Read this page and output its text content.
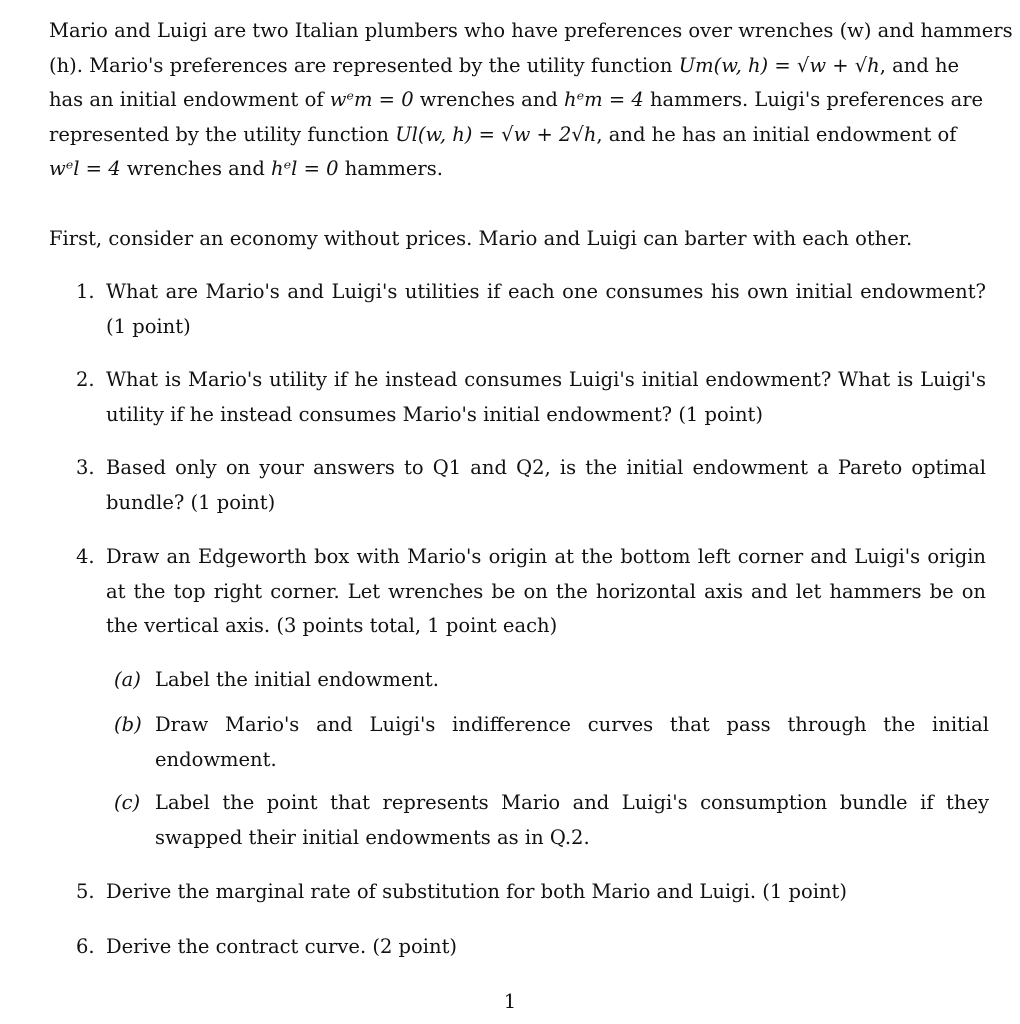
Mario and Luigi are two Italian plumbers who have preferences over wrenches (w) and hammers
(h). Mario's preferences are represented by the utility function Um(w, h) = √w + √h, and he
has an initial endowment of wᵉm = 0 wrenches and hᵉm = 4 hammers. Luigi's preferences are
represented by the utility function Ul(w, h) = √w + 2√h, and he has an initial endowment of
wᵉl = 4 wrenches and hᵉl = 0 hammers.
First, consider an economy without prices. Mario and Luigi can barter with each other.
1. What are Mario's and Luigi's utilities if each one consumes his own initial endowment? (1 point)
2. What is Mario's utility if he instead consumes Luigi's initial endowment? What is Luigi's utility if he instead consumes Mario's initial endowment? (1 point)
3. Based only on your answers to Q1 and Q2, is the initial endowment a Pareto optimal bundle? (1 point)
4. Draw an Edgeworth box with Mario's origin at the bottom left corner and Luigi's origin at the top right corner. Let wrenches be on the horizontal axis and let hammers be on the vertical axis. (3 points total, 1 point each)
(a) Label the initial endowment.
(b) Draw Mario's and Luigi's indifference curves that pass through the initial endowment.
(c) Label the point that represents Mario and Luigi's consumption bundle if they swapped their initial endowments as in Q.2.
5. Derive the marginal rate of substitution for both Mario and Luigi. (1 point)
6. Derive the contract curve. (2 point)
1
